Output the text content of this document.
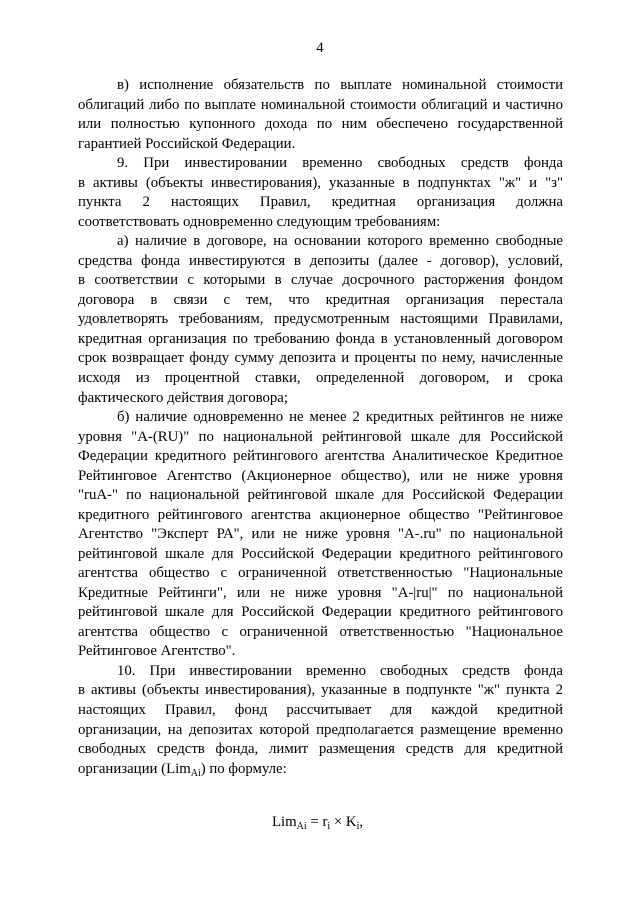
4
в) исполнение обязательств по выплате номинальной стоимости
облигаций либо по выплате номинальной стоимости облигаций и частично
или полностью купонного дохода по ним обеспечено государственной
гарантией Российской Федерации.
9. При инвестировании временно свободных средств фонда
в активы (объекты инвестирования), указанные в подпунктах "ж" и "з"
пункта 2 настоящих Правил, кредитная организация должна
соответствовать одновременно следующим требованиям:
а) наличие в договоре, на основании которого временно свободные
средства фонда инвестируются в депозиты (далее - договор), условий,
в соответствии с которыми в случае досрочного расторжения фондом
договора в связи с тем, что кредитная организация перестала
удовлетворять требованиям, предусмотренным настоящими Правилами,
кредитная организация по требованию фонда в установленный договором
срок возвращает фонду сумму депозита и проценты по нему, начисленные
исходя из процентной ставки, определенной договором, и срока
фактического действия договора;
б) наличие одновременно не менее 2 кредитных рейтингов не ниже
уровня "A-(RU)" по национальной рейтинговой шкале для Российской
Федерации кредитного рейтингового агентства Аналитическое Кредитное
Рейтинговое Агентство (Акционерное общество), или не ниже уровня
"ruA-" по национальной рейтинговой шкале для Российской Федерации
кредитного рейтингового агентства акционерное общество "Рейтинговое
Агентство "Эксперт РА", или не ниже уровня "A-.ru" по национальной
рейтинговой шкале для Российской Федерации кредитного рейтингового
агентства общество с ограниченной ответственностью "Национальные
Кредитные Рейтинги", или не ниже уровня "A-|ru|" по национальной
рейтинговой шкале для Российской Федерации кредитного рейтингового
агентства общество с ограниченной ответственностью "Национальное
Рейтинговое Агентство".
10. При инвестировании временно свободных средств фонда
в активы (объекты инвестирования), указанные в подпункте "ж" пункта 2
настоящих Правил, фонд рассчитывает для каждой кредитной
организации, на депозитах которой предполагается размещение временно
свободных средств фонда, лимит размещения средств для кредитной
организации (Lim$_{Ai}$) по формуле:
$Lim_{Ai} = r_i \times K_i$,
